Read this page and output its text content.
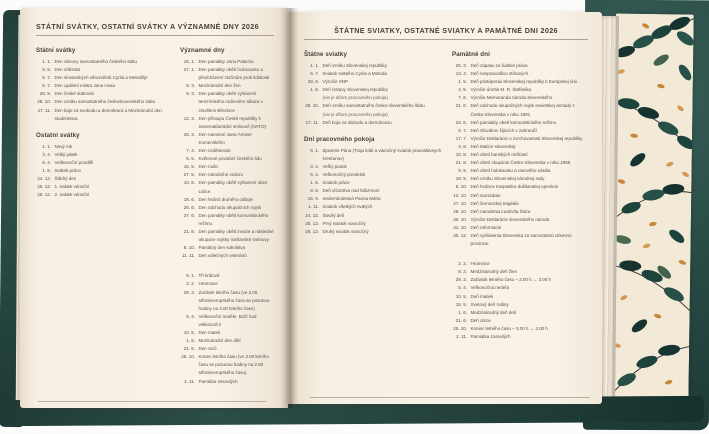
STÁTNÍ SVÁTKY, OSTATNÍ SVÁTKY A VÝZNAMNÉ DNY 2026
Státní svátky
1. 1. Den obnovy samostatného českého státu
8. 5. Den vítězství
5. 7. Den slovanských věrozvěstů Cyrila a Metoděje
6. 7. Den upálení mistra Jana Husa
28. 9. Den české státnosti
28. 10. Den vzniku samostatného československého státu
17. 11. Den boje za svobodu a demokracii a Mezinárodní den studentstva
Ostatní svátky
1. 1. Nový rok
3. 4. Velký pátek
6. 4. Velikonoční pondělí
1. 5. Svátek práce
24. 12. Štědrý den
25. 12. 1. svátek vánoční
26. 12. 2. svátek vánoční
Významné dny
16. 1. Den památky Jana Palacha
27. 1. Den památky obětí holocaustu a předcházení zločinům proti lidskosti
8. 3. Mezinárodní den žen
9. 3. Den památky obětí vyhlazení terezínského rodinného tábora v Osvětimi-Březince
12. 3. Den přístupu České republiky k Severoatlantické smlouvě (NATO)
28. 3. Den narození Jana Ámose Komenského
7. 4. Den vzdělanosti
5. 5. Květnové povstání českého lidu
15. 5. Den rodin
27. 5. Den národního vzdoru
10. 6. Den památky obětí vyhlazení obce Lidice
18. 6. Den hrdinů druhého odboje
26. 6. Den odchodu okupačních vojsk
27. 6. Den památky obětí komunistického režimu
21. 8. Den památky obětí invaze a následné okupace vojsky Varšavské smlouvy
8. 10. Památný den sokolstva
11. 11. Den válečných veteránů
6. 1. Tři králové
2. 2. Hromnice
29. 3. Začátek letního času (ve 2.00 středoevropského času se posunou hodiny na 3.00 letního času)
5. 4. Velikonoční neděle, Boží hod velikonoční
10. 5. Den matek
1. 6. Mezinárodní den dětí
21. 6. Den otců
25. 10. Konec letního času (ve 3.00 letního času se posunou hodiny na 2.00 středoevropského času)
2. 11. Památka zesnulých
ŠTÁTNE SVIATKY, OSTATNÉ SVIATKY A PAMÄTNÉ DNI 2026
Štátne sviatky
1. 1. Deň vzniku Slovenskej republiky
5. 7. Sviatok svätého Cyrila a Metoda
29. 8. Výročie SNP
1. 9. Deň Ústavy Slovenskej republiky
(nie je dňom pracovného pokoja)
28. 10. Deň vzniku samostatného česko-slovenského štátu
(nie je dňom pracovného pokoja)
17. 11. Deň boja za slobodu a demokraciu
Dni pracovného pokoja
6. 1. Zjavenie Pána (Traja králi a vianočný sviatok pravoslávnych kresťanov)
3. 4. Veľký piatok
6. 4. Veľkonočný pondelok
1. 5. Sviatok práce
8. 5. Deň víťazstva nad fašizmom
15. 9. Sedembolestná Panna Mária
1. 11. Sviatok všetkých svätých
24. 12. Štedrý deň
25. 12. Prvý sviatok vianočný
26. 12. Druhý sviatok vianočný
Pamätné dni
25. 3. Deň zápasu za ľudské práva
13. 4. Deň nespravodlivo stíhaných
1. 5. Deň pristúpenia Slovenskej republiky k Európskej únii
4. 5. Výročie úmrtia M. R. Štefánika
7. 6. Výročie Memoranda národa slovenského
21. 6. Deň odchodu okupačných vojsk sovietskej armády z Česko-Slovenska v roku 1991
24. 6. Deň pamiatky obetí komunistického režimu
5. 7. Deň Slovákov žijúcich v zahraničí
17. 7. Výročie Deklarácie o zvrchovanosti Slovenskej republiky
4. 8. Deň Matice slovenskej
10. 8. Deň obetí banských nešťastí
21. 8. Deň obetí okupácie Česko-Slovenska v roku 1968
9. 9. Deň obetí holokaustu a rasového násilia
19. 9. Deň vzniku Slovenskej národnej rady
6. 10. Deň hrdinov Karpatsko-duklianskej operácie
12. 10. Deň samizdatu
27. 10. Deň černovskej tragédie
29. 10. Deň narodenia Ľudovíta Štúra
30. 10. Výročie Deklarácie slovenského národa
31. 10. Deň reformácie
30. 12. Deň vyhlásenia Slovenska za samostatnú cirkevnú provinciu
2. 2. Hromnice
8. 3. Medzinárodný deň žien
29. 3. Začiatok letného času – 2.00 h → 3.00 h
5. 4. Veľkonočná nedeľa
10. 5. Deň matiek
15. 5. Svetový deň rodiny
1. 6. Medzinárodný deň detí
21. 6. Deň otcov
25. 10. Koniec letného času – 3.00 h → 2.00 h
2. 11. Pamiatka zosnulých
